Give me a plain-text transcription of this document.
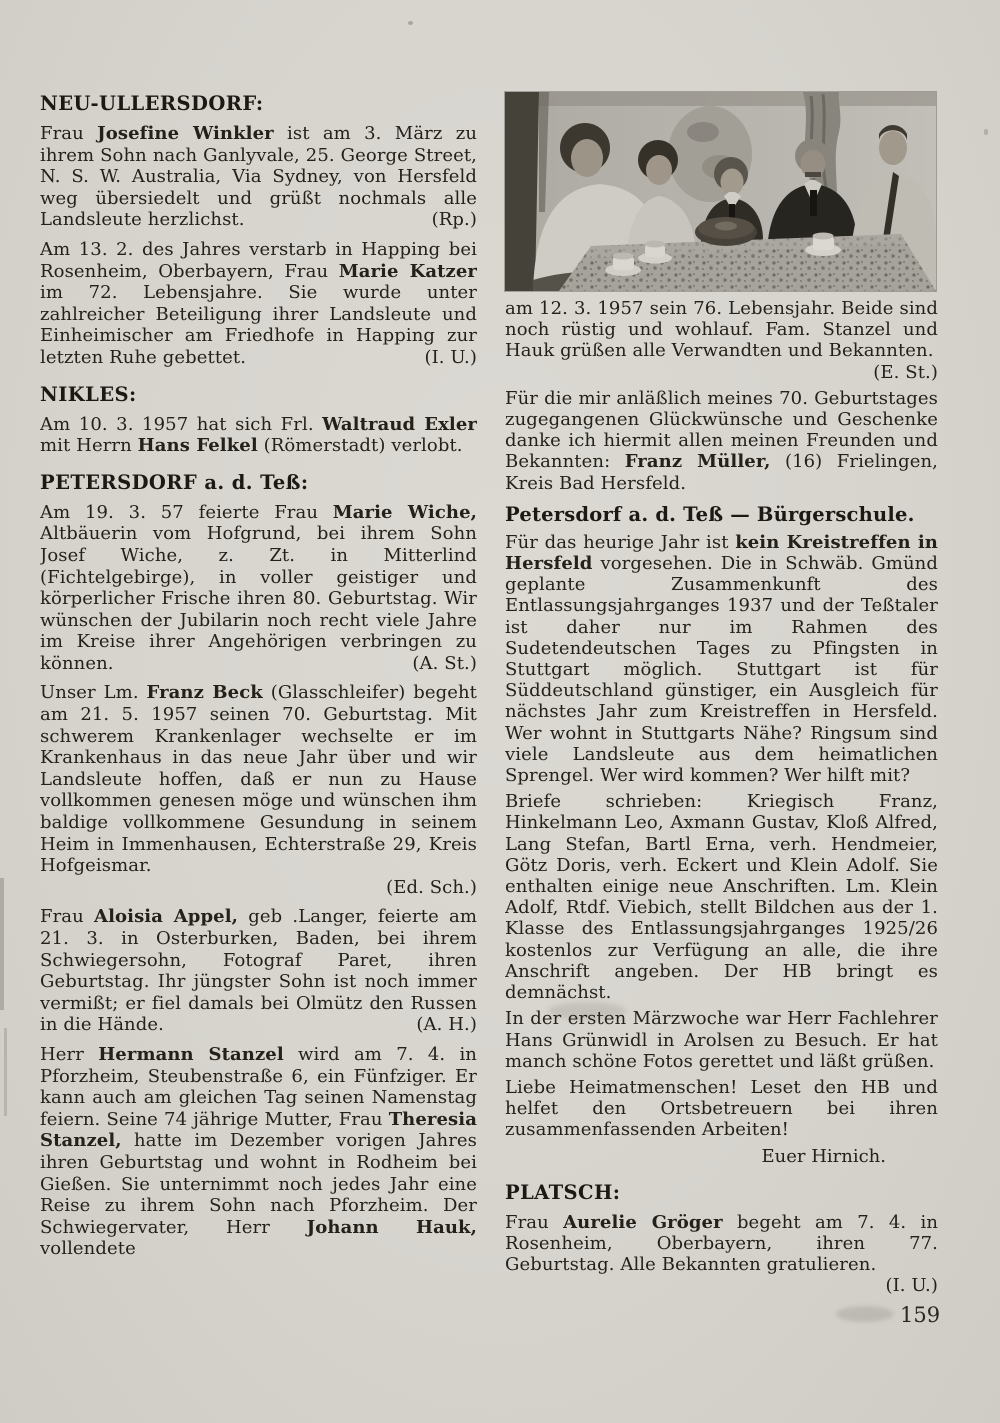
NEU-ULLERSDORF:

Frau Josefine Winkler ist am 3. März zu ihrem Sohn nach Ganlyvale, 25. George Street, N. S. W. Australia, Via Sydney, von Hersfeld weg übersiedelt und grüßt nochmals alle Landsleute herzlichst.	(Rp.)

Am 13. 2. des Jahres verstarb in Happing bei Rosenheim, Oberbayern, Frau Marie Katzer im 72. Lebensjahre. Sie wurde unter zahlreicher Beteiligung ihrer Landsleute und Einheimischer am Friedhofe in Happing zur letzten Ruhe gebettet.	(I. U.)

NIKLES:

Am 10. 3. 1957 hat sich Frl. Waltraud Exler mit Herrn Hans Felkel (Römerstadt) verlobt.

PETERSDORF a. d. Teß:

Am 19. 3. 57 feierte Frau Marie Wiche, Altbäuerin vom Hofgrund, bei ihrem Sohn Josef Wiche, z. Zt. in Mitterlind (Fichtelgebirge), in voller geistiger und körperlicher Frische ihren 80. Geburtstag. Wir wünschen der Jubilarin noch recht viele Jahre im Kreise ihrer Angehörigen verbringen zu können.	(A. St.)

Unser Lm. Franz Beck (Glasschleifer) begeht am 21. 5. 1957 seinen 70. Geburtstag. Mit schwerem Krankenlager wechselte er im Krankenhaus in das neue Jahr über und wir Landsleute hoffen, daß er nun zu Hause vollkommen genesen möge und wünschen ihm baldige vollkommene Gesundung in seinem Heim in Immenhausen, Echterstraße 29, Kreis Hofgeismar.
(Ed. Sch.)

Frau Aloisia Appel, geb .Langer, feierte am 21. 3. in Osterburken, Baden, bei ihrem Schwiegersohn, Fotograf Paret, ihren Geburtstag. Ihr jüngster Sohn ist noch immer vermißt; er fiel damals bei Olmütz den Russen in die Hände.	(A. H.)

Herr Hermann Stanzel wird am 7. 4. in Pforzheim, Steubenstraße 6, ein Fünfziger. Er kann auch am gleichen Tag seinen Namenstag feiern. Seine 74 jährige Mutter, Frau Theresia Stanzel, hatte im Dezember vorigen Jahres ihren Geburtstag und wohnt in Rodheim bei Gießen. Sie unternimmt noch jedes Jahr eine Reise zu ihrem Sohn nach Pforzheim. Der Schwiegervater, Herr Johann Hauk, vollendete

am 12. 3. 1957 sein 76. Lebensjahr. Beide sind noch rüstig und wohlauf. Fam. Stanzel und Hauk grüßen alle Verwandten und Bekannten.
(E. St.)

Für die mir anläßlich meines 70. Geburtstages zugegangenen Glückwünsche und Geschenke danke ich hiermit allen meinen Freunden und Bekannten: Franz Müller, (16) Frielingen, Kreis Bad Hersfeld.

Petersdorf a. d. Teß — Bürgerschule.

Für das heurige Jahr ist kein Kreistreffen in Hersfeld vorgesehen. Die in Schwäb. Gmünd geplante Zusammenkunft des Entlassungsjahrganges 1937 und der Teßtaler ist daher nur im Rahmen des Sudetendeutschen Tages zu Pfingsten in Stuttgart möglich. Stuttgart ist für Süddeutschland günstiger, ein Ausgleich für nächstes Jahr zum Kreistreffen in Hersfeld. Wer wohnt in Stuttgarts Nähe? Ringsum sind viele Landsleute aus dem heimatlichen Sprengel. Wer wird kommen? Wer hilft mit?

Briefe schrieben: Kriegisch Franz, Hinkelmann Leo, Axmann Gustav, Kloß Alfred, Lang Stefan, Bartl Erna, verh. Hendmeier, Götz Doris, verh. Eckert und Klein Adolf. Sie enthalten einige neue Anschriften. Lm. Klein Adolf, Rtdf. Viebich, stellt Bildchen aus der 1. Klasse des Entlassungsjahrganges 1925/26 kostenlos zur Verfügung an alle, die ihre Anschrift angeben. Der HB bringt es demnächst.

In der ersten Märzwoche war Herr Fachlehrer Hans Grünwidl in Arolsen zu Besuch. Er hat manch schöne Fotos gerettet und läßt grüßen.

Liebe Heimatmenschen! Leset den HB und helfet den Ortsbetreuern bei ihren zusammenfassenden Arbeiten!

Euer Hirnich.
PLATSCH:

Frau Aurelie Gröger begeht am 7. 4. in Rosenheim, Oberbayern, ihren 77. Geburtstag. Alle Bekannten gratulieren.
(I. U.)

159
